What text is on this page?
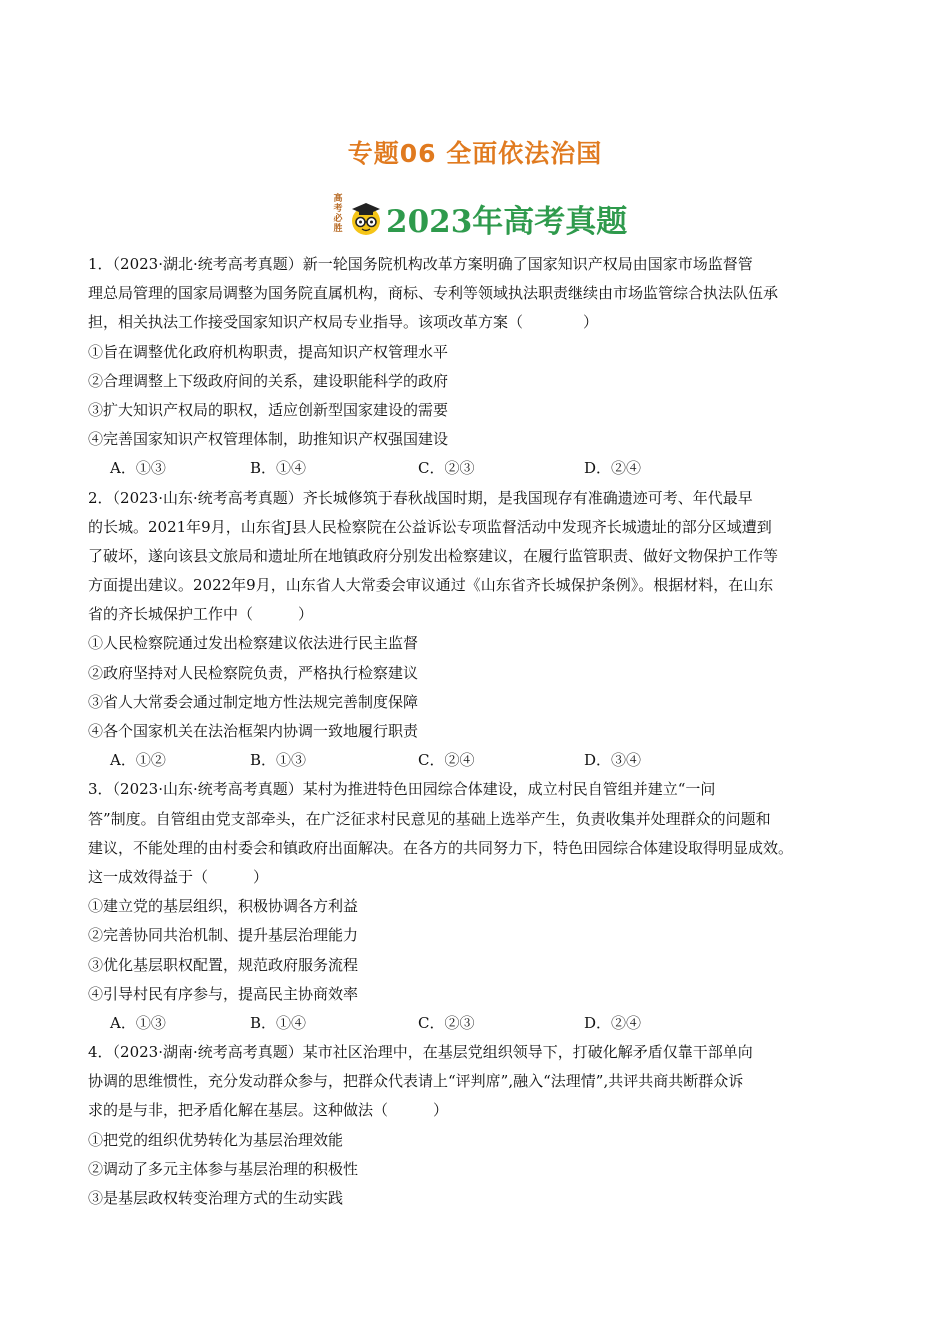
专题06 全面依法治国
高
考
必
胜 2023年高考真题
1．（2023·湖北·统考高考真题）新一轮国务院机构改革方案明确了国家知识产权局由国家市场监督管
理总局管理的国家局调整为国务院直属机构，商标、专利等领域执法职责继续由市场监管综合执法队伍承
担，相关执法工作接受国家知识产权局专业指导。该项改革方案（　　　　）
①旨在调整优化政府机构职责，提高知识产权管理水平
②合理调整上下级政府间的关系，建设职能科学的政府
③扩大知识产权局的职权，适应创新型国家建设的需要
④完善国家知识产权管理体制，助推知识产权强国建设
A．①③	B．①④	C．②③	D．②④
2．（2023·山东·统考高考真题）齐长城修筑于春秋战国时期，是我国现存有准确遗迹可考、年代最早
的长城。2021年9月，山东省J县人民检察院在公益诉讼专项监督活动中发现齐长城遗址的部分区域遭到
了破坏，遂向该县文旅局和遗址所在地镇政府分别发出检察建议，在履行监管职责、做好文物保护工作等
方面提出建议。2022年9月，山东省人大常委会审议通过《山东省齐长城保护条例》。根据材料，在山东
省的齐长城保护工作中（　　　）
①人民检察院通过发出检察建议依法进行民主监督
②政府坚持对人民检察院负责，严格执行检察建议
③省人大常委会通过制定地方性法规完善制度保障
④各个国家机关在法治框架内协调一致地履行职责
A．①②	B．①③	C．②④	D．③④
3．（2023·山东·统考高考真题）某村为推进特色田园综合体建设，成立村民自管组并建立“一问
答”制度。自管组由党支部牵头，在广泛征求村民意见的基础上选举产生，负责收集并处理群众的问题和
建议，不能处理的由村委会和镇政府出面解决。在各方的共同努力下，特色田园综合体建设取得明显成效。
这一成效得益于（　　　）
①建立党的基层组织，积极协调各方利益
②完善协同共治机制、提升基层治理能力
③优化基层职权配置，规范政府服务流程
④引导村民有序参与，提高民主协商效率
A．①③	B．①④	C．②③	D．②④
4．（2023·湖南·统考高考真题）某市社区治理中，在基层党组织领导下，打破化解矛盾仅靠干部单向
协调的思维惯性，充分发动群众参与，把群众代表请上“评判席”,融入“法理情”,共评共商共断群众诉
求的是与非，把矛盾化解在基层。这种做法（　　　）
①把党的组织优势转化为基层治理效能
②调动了多元主体参与基层治理的积极性
③是基层政权转变治理方式的生动实践
